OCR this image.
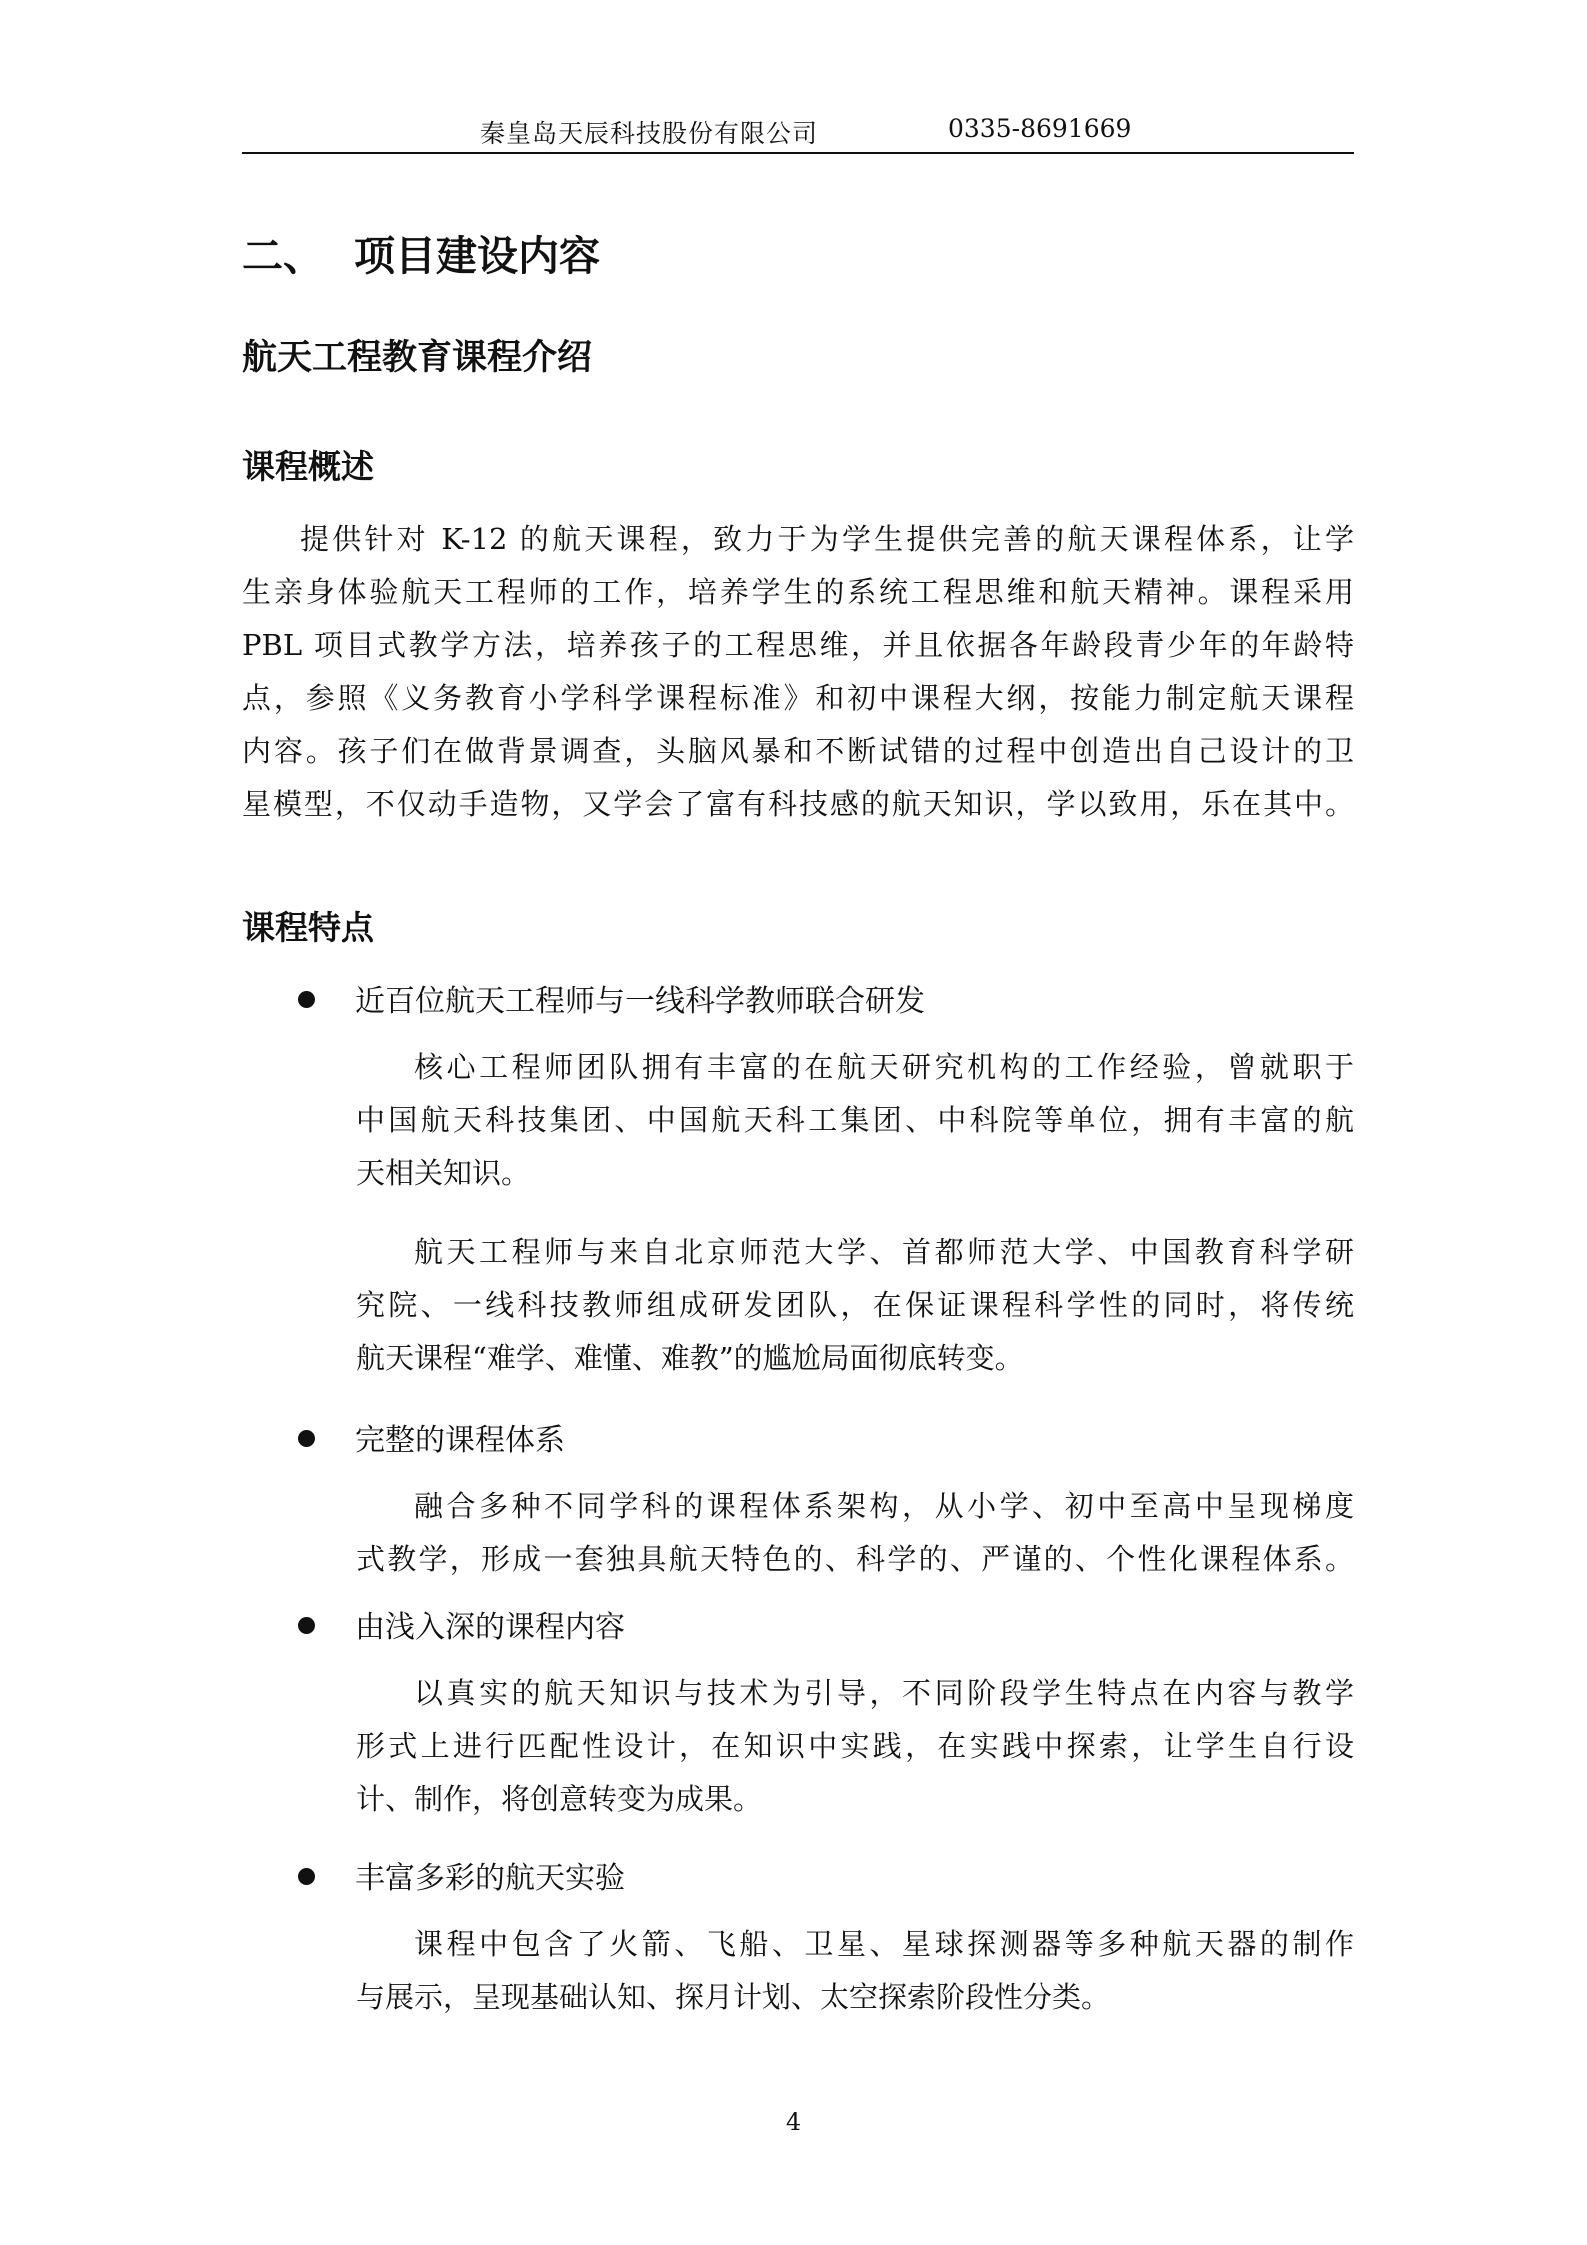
秦皇岛天辰科技股份有限公司	0335-8691669
二、 项目建设内容
航天工程教育课程介绍
课程概述

提供针对 K-12 的航天课程，致力于为学生提供完善的航天课程体系，让学
生亲身体验航天工程师的工作，培养学生的系统工程思维和航天精神。课程采用
PBL 项目式教学方法，培养孩子的工程思维，并且依据各年龄段青少年的年龄特
点，参照《义务教育小学科学课程标准》和初中课程大纲，按能力制定航天课程
内容。孩子们在做背景调查，头脑风暴和不断试错的过程中创造出自己设计的卫
星模型，不仅动手造物，又学会了富有科技感的航天知识，学以致用，乐在其中。

课程特点
近百位航天工程师与一线科学教师联合研发

核心工程师团队拥有丰富的在航天研究机构的工作经验，曾就职于
中国航天科技集团、中国航天科工集团、中科院等单位，拥有丰富的航
天相关知识。

航天工程师与来自北京师范大学、首都师范大学、中国教育科学研
究院、一线科技教师组成研发团队，在保证课程科学性的同时，将传统
航天课程“难学、难懂、难教”的尴尬局面彻底转变。

完整的课程体系

融合多种不同学科的课程体系架构，从小学、初中至高中呈现梯度
式教学，形成一套独具航天特色的、科学的、严谨的、个性化课程体系。

由浅入深的课程内容

以真实的航天知识与技术为引导，不同阶段学生特点在内容与教学
形式上进行匹配性设计，在知识中实践，在实践中探索，让学生自行设
计、制作，将创意转变为成果。

丰富多彩的航天实验

课程中包含了火箭、飞船、卫星、星球探测器等多种航天器的制作
与展示，呈现基础认知、探月计划、太空探索阶段性分类。

4
